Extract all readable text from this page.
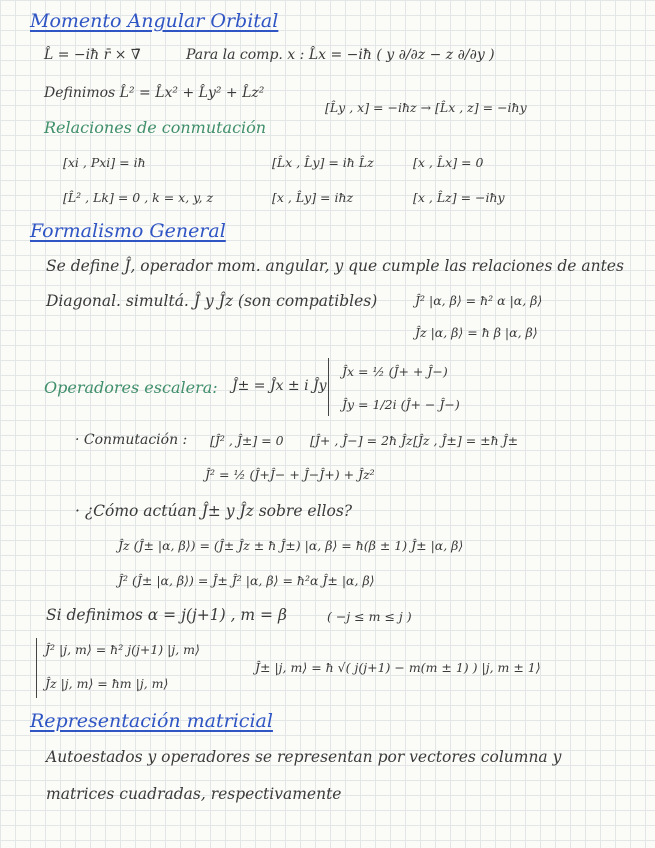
Momento Angular Orbital

L̂ = −iħ r̄ × ∇̄	Para la comp. x : L̂x = −iħ ( y ∂/∂z − z ∂/∂y )

Definimos L̂² = L̂x² + L̂y² + L̂z²

[L̂y , x] = −iħz → [L̂x , z] = −iħy

Relaciones de conmutación

[xi , Pxi] = iħ	[L̂x , L̂y] = iħ L̂z	[x , L̂x] = 0

[L̂² , Lk] = 0 , k = x, y, z	[x , L̂y] = iħz	[x , L̂z] = −iħy

Formalismo General

Se define Ĵ, operador mom. angular, y que cumple las relaciones de antes

Diagonal. simultá. Ĵ y Ĵz (son compatibles)	Ĵ² |α, β⟩ = ħ² α |α, β⟩

Ĵz |α, β⟩ = ħ β |α, β⟩

Operadores escalera: Ĵ± = Ĵx ± i Ĵy

Ĵx = ½ (Ĵ+ + Ĵ−)

Ĵy = 1/2i (Ĵ+ − Ĵ−)

· Conmutación : [Ĵ² , Ĵ±] = 0 [Ĵ+ , Ĵ−] = 2ħ Ĵz [Ĵz , Ĵ±] = ±ħ Ĵ±

Ĵ² = ½ (Ĵ+Ĵ− + Ĵ−Ĵ+) + Ĵz²

· ¿Cómo actúan Ĵ± y Ĵz sobre ellos?

Ĵz (Ĵ± |α, β⟩) = (Ĵ± Ĵz ± ħ Ĵ±) |α, β⟩ = ħ(β ± 1) Ĵ± |α, β⟩

Ĵ² (Ĵ± |α, β⟩) = Ĵ± Ĵ² |α, β⟩ = ħ²α Ĵ± |α, β⟩

Si definimos α = j(j+1) , m = β	( −j ≤ m ≤ j )

Ĵ² |j, m⟩ = ħ² j(j+1) |j, m⟩

Ĵz |j, m⟩ = ħm |j, m⟩

Ĵ± |j, m⟩ = ħ √( j(j+1) − m(m ± 1) ) |j, m ± 1⟩

Representación matricial

Autoestados y operadores se representan por vectores columna y

matrices cuadradas, respectivamente
